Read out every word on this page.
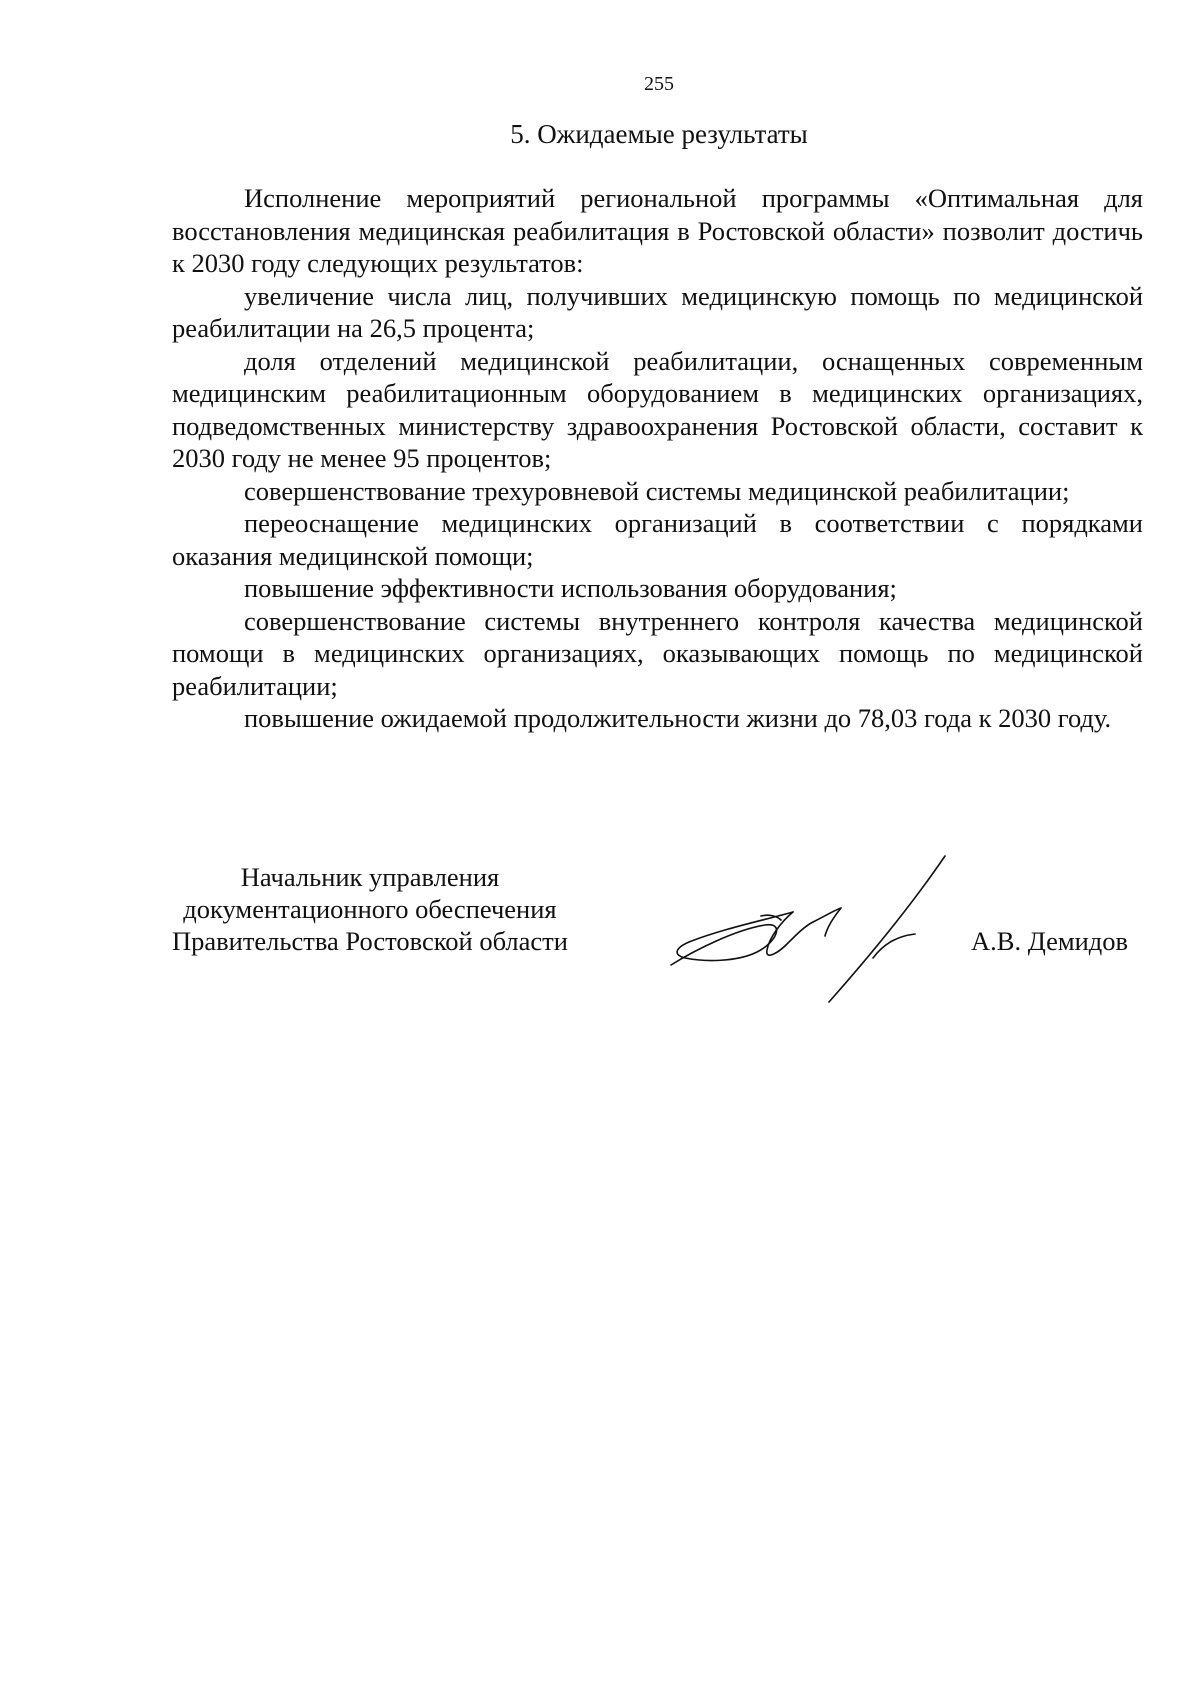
255
5. Ожидаемые результаты

Исполнение мероприятий региональной программы «Оптимальная для восстановления медицинская реабилитация в Ростовской области» позволит достичь к 2030 году следующих результатов:

увеличение числа лиц, получивших медицинскую помощь по медицинской реабилитации на 26,5 процента;

доля отделений медицинской реабилитации, оснащенных современным медицинским реабилитационным оборудованием в медицинских организациях, подведомственных министерству здравоохранения Ростовской области, составит к 2030 году не менее 95 процентов;

совершенствование трехуровневой системы медицинской реабилитации;

переоснащение медицинских организаций в соответствии с порядками оказания медицинской помощи;

повышение эффективности использования оборудования;

совершенствование системы внутреннего контроля качества медицинской помощи в медицинских организациях, оказывающих помощь по медицинской реабилитации;

повышение ожидаемой продолжительности жизни до 78,03 года к 2030 году.

Начальник управления
документационного обеспечения
Правительства Ростовской области	А.В. Демидов
